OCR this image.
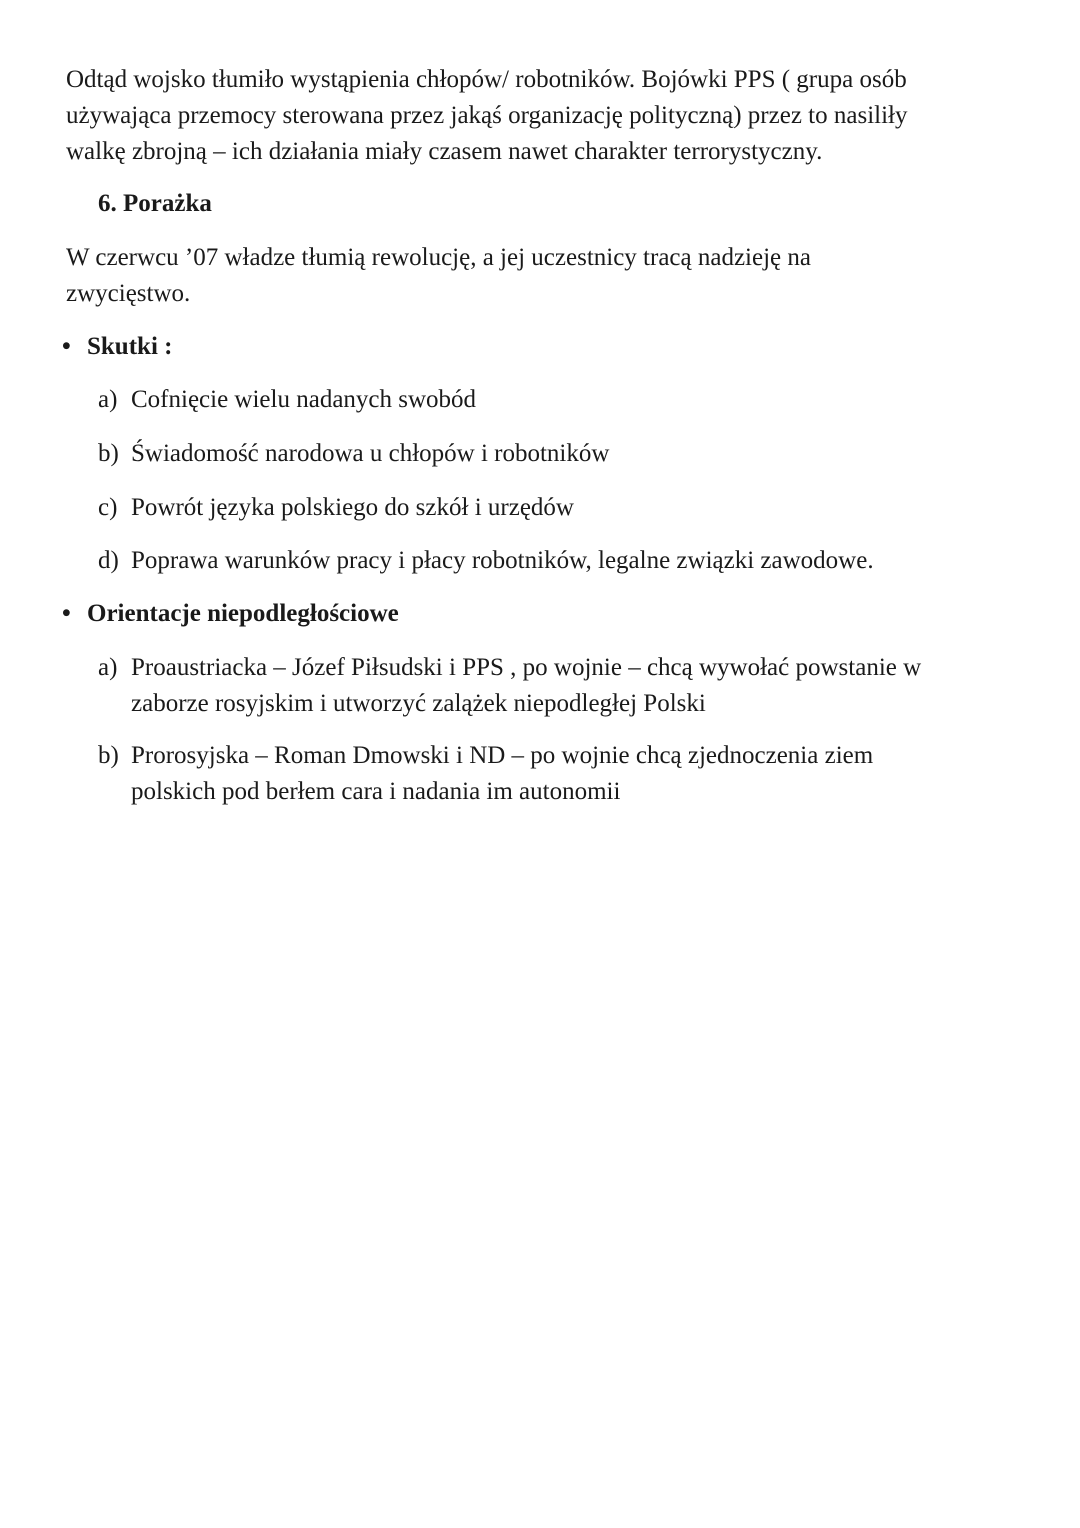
Odtąd wojsko tłumiło wystąpienia chłopów/ robotników. Bojówki PPS ( grupa osób
używająca przemocy sterowana przez jakąś organizację polityczną) przez to nasiliły
walkę zbrojną – ich działania miały czasem nawet charakter terrorystyczny.

6. Porażka

W czerwcu ’07 władze tłumią rewolucję, a jej uczestnicy tracą nadzieję na
zwycięstwo.

• Skutki :

a) Cofnięcie wielu nadanych swobód
b) Świadomość narodowa u chłopów i robotników
c) Powrót języka polskiego do szkół i urzędów
d) Poprawa warunków pracy i płacy robotników, legalne związki zawodowe.

• Orientacje niepodległościowe

a) Proaustriacka – Józef Piłsudski i PPS , po wojnie – chcą wywołać powstanie w
zaborze rosyjskim i utworzyć zalążek niepodległej Polski
b) Prorosyjska – Roman Dmowski i ND – po wojnie chcą zjednoczenia ziem
polskich pod berłem cara i nadania im autonomii
